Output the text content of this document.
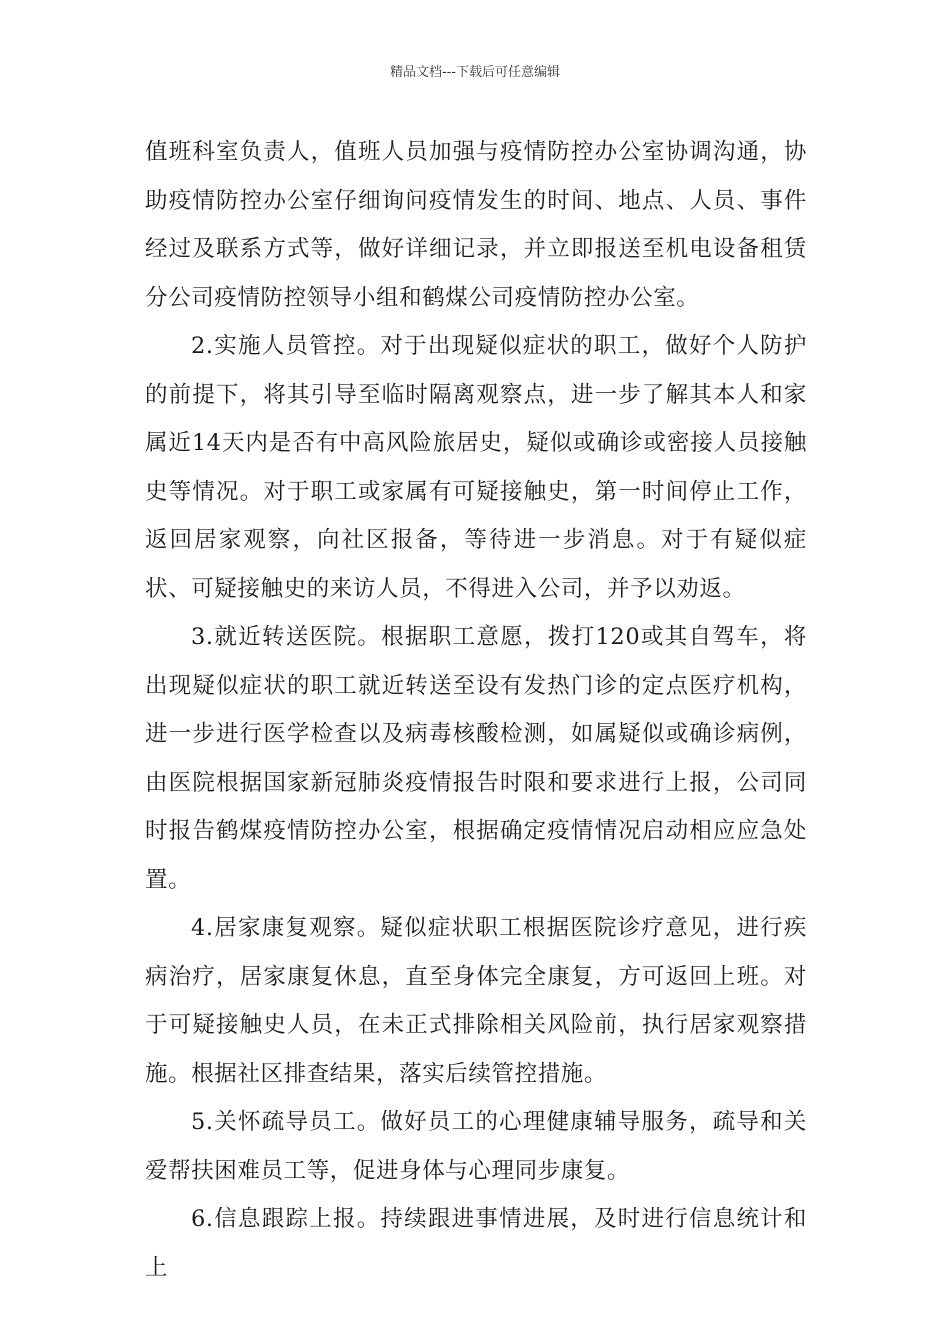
精品文档---下载后可任意编辑

值班科室负责人，值班人员加强与疫情防控办公室协调沟通，协助疫情防控办公室仔细询问疫情发生的时间、地点、人员、事件经过及联系方式等，做好详细记录，并立即报送至机电设备租赁分公司疫情防控领导小组和鹤煤公司疫情防控办公室。

2.实施人员管控。对于出现疑似症状的职工，做好个人防护的前提下，将其引导至临时隔离观察点，进一步了解其本人和家属近14天内是否有中高风险旅居史，疑似或确诊或密接人员接触史等情况。对于职工或家属有可疑接触史，第一时间停止工作，返回居家观察，向社区报备，等待进一步消息。对于有疑似症状、可疑接触史的来访人员，不得进入公司，并予以劝返。

3.就近转送医院。根据职工意愿，拨打120或其自驾车，将出现疑似症状的职工就近转送至设有发热门诊的定点医疗机构，进一步进行医学检查以及病毒核酸检测，如属疑似或确诊病例，由医院根据国家新冠肺炎疫情报告时限和要求进行上报，公司同时报告鹤煤疫情防控办公室，根据确定疫情情况启动相应应急处置。

4.居家康复观察。疑似症状职工根据医院诊疗意见，进行疾病治疗，居家康复休息，直至身体完全康复，方可返回上班。对于可疑接触史人员，在未正式排除相关风险前，执行居家观察措施。根据社区排查结果，落实后续管控措施。

5.关怀疏导员工。做好员工的心理健康辅导服务，疏导和关爱帮扶困难员工等，促进身体与心理同步康复。

6.信息跟踪上报。持续跟进事情进展，及时进行信息统计和上
